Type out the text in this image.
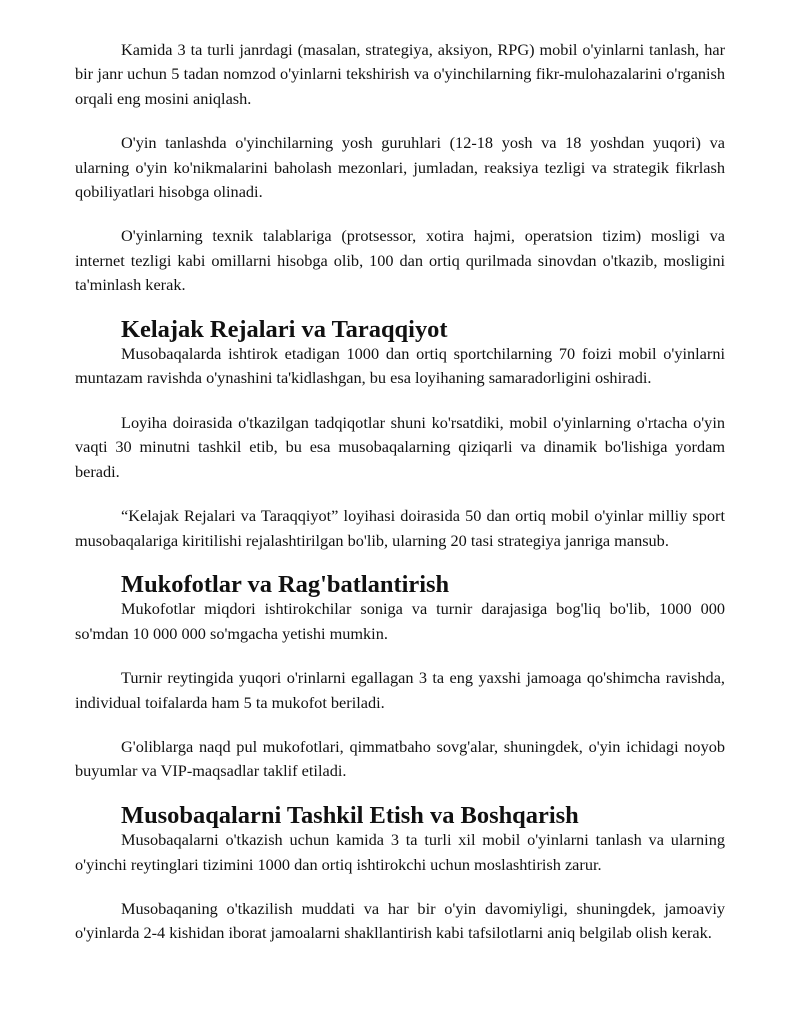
Kamida 3 ta turli janrdagi (masalan, strategiya, aksiyon, RPG) mobil o'yinlarni tanlash, har bir janr uchun 5 tadan nomzod o'yinlarni tekshirish va o'yinchilarning fikr-mulohazalarini o'rganish orqali eng mosini aniqlash.

O'yin tanlashda o'yinchilarning yosh guruhlari (12-18 yosh va 18 yoshdan yuqori) va ularning o'yin ko'nikmalarini baholash mezonlari, jumladan, reaksiya tezligi va strategik fikrlash qobiliyatlari hisobga olinadi.

O'yinlarning texnik talablariga (protsessor, xotira hajmi, operatsion tizim) mosligi va internet tezligi kabi omillarni hisobga olib, 100 dan ortiq qurilmada sinovdan o'tkazib, mosligini ta'minlash kerak.

Kelajak Rejalari va Taraqqiyot

Musobaqalarda ishtirok etadigan 1000 dan ortiq sportchilarning 70 foizi mobil o'yinlarni muntazam ravishda o'ynashini ta'kidlashgan, bu esa loyihaning samaradorligini oshiradi.

Loyiha doirasida o'tkazilgan tadqiqotlar shuni ko'rsatdiki, mobil o'yinlarning o'rtacha o'yin vaqti 30 minutni tashkil etib, bu esa musobaqalarning qiziqarli va dinamik bo'lishiga yordam beradi.

“Kelajak Rejalari va Taraqqiyot” loyihasi doirasida 50 dan ortiq mobil o'yinlar milliy sport musobaqalariga kiritilishi rejalashtirilgan bo'lib, ularning 20 tasi strategiya janriga mansub.

Mukofotlar va Rag'batlantirish

Mukofotlar miqdori ishtirokchilar soniga va turnir darajasiga bog'liq bo'lib, 1000 000 so'mdan 10 000 000 so'mgacha yetishi mumkin.

Turnir reytingida yuqori o'rinlarni egallagan 3 ta eng yaxshi jamoaga qo'shimcha ravishda, individual toifalarda ham 5 ta mukofot beriladi.

G'oliblarga naqd pul mukofotlari, qimmatbaho sovg'alar, shuningdek, o'yin ichidagi noyob buyumlar va VIP-maqsadlar taklif etiladi.

Musobaqalarni Tashkil Etish va Boshqarish

Musobaqalarni o'tkazish uchun kamida 3 ta turli xil mobil o'yinlarni tanlash va ularning o'yinchi reytinglari tizimini 1000 dan ortiq ishtirokchi uchun moslashtirish zarur.

Musobaqaning o'tkazilish muddati va har bir o'yin davomiyligi, shuningdek, jamoaviy o'yinlarda 2-4 kishidan iborat jamoalarni shakllantirish kabi tafsilotlarni aniq belgilab olish kerak.
